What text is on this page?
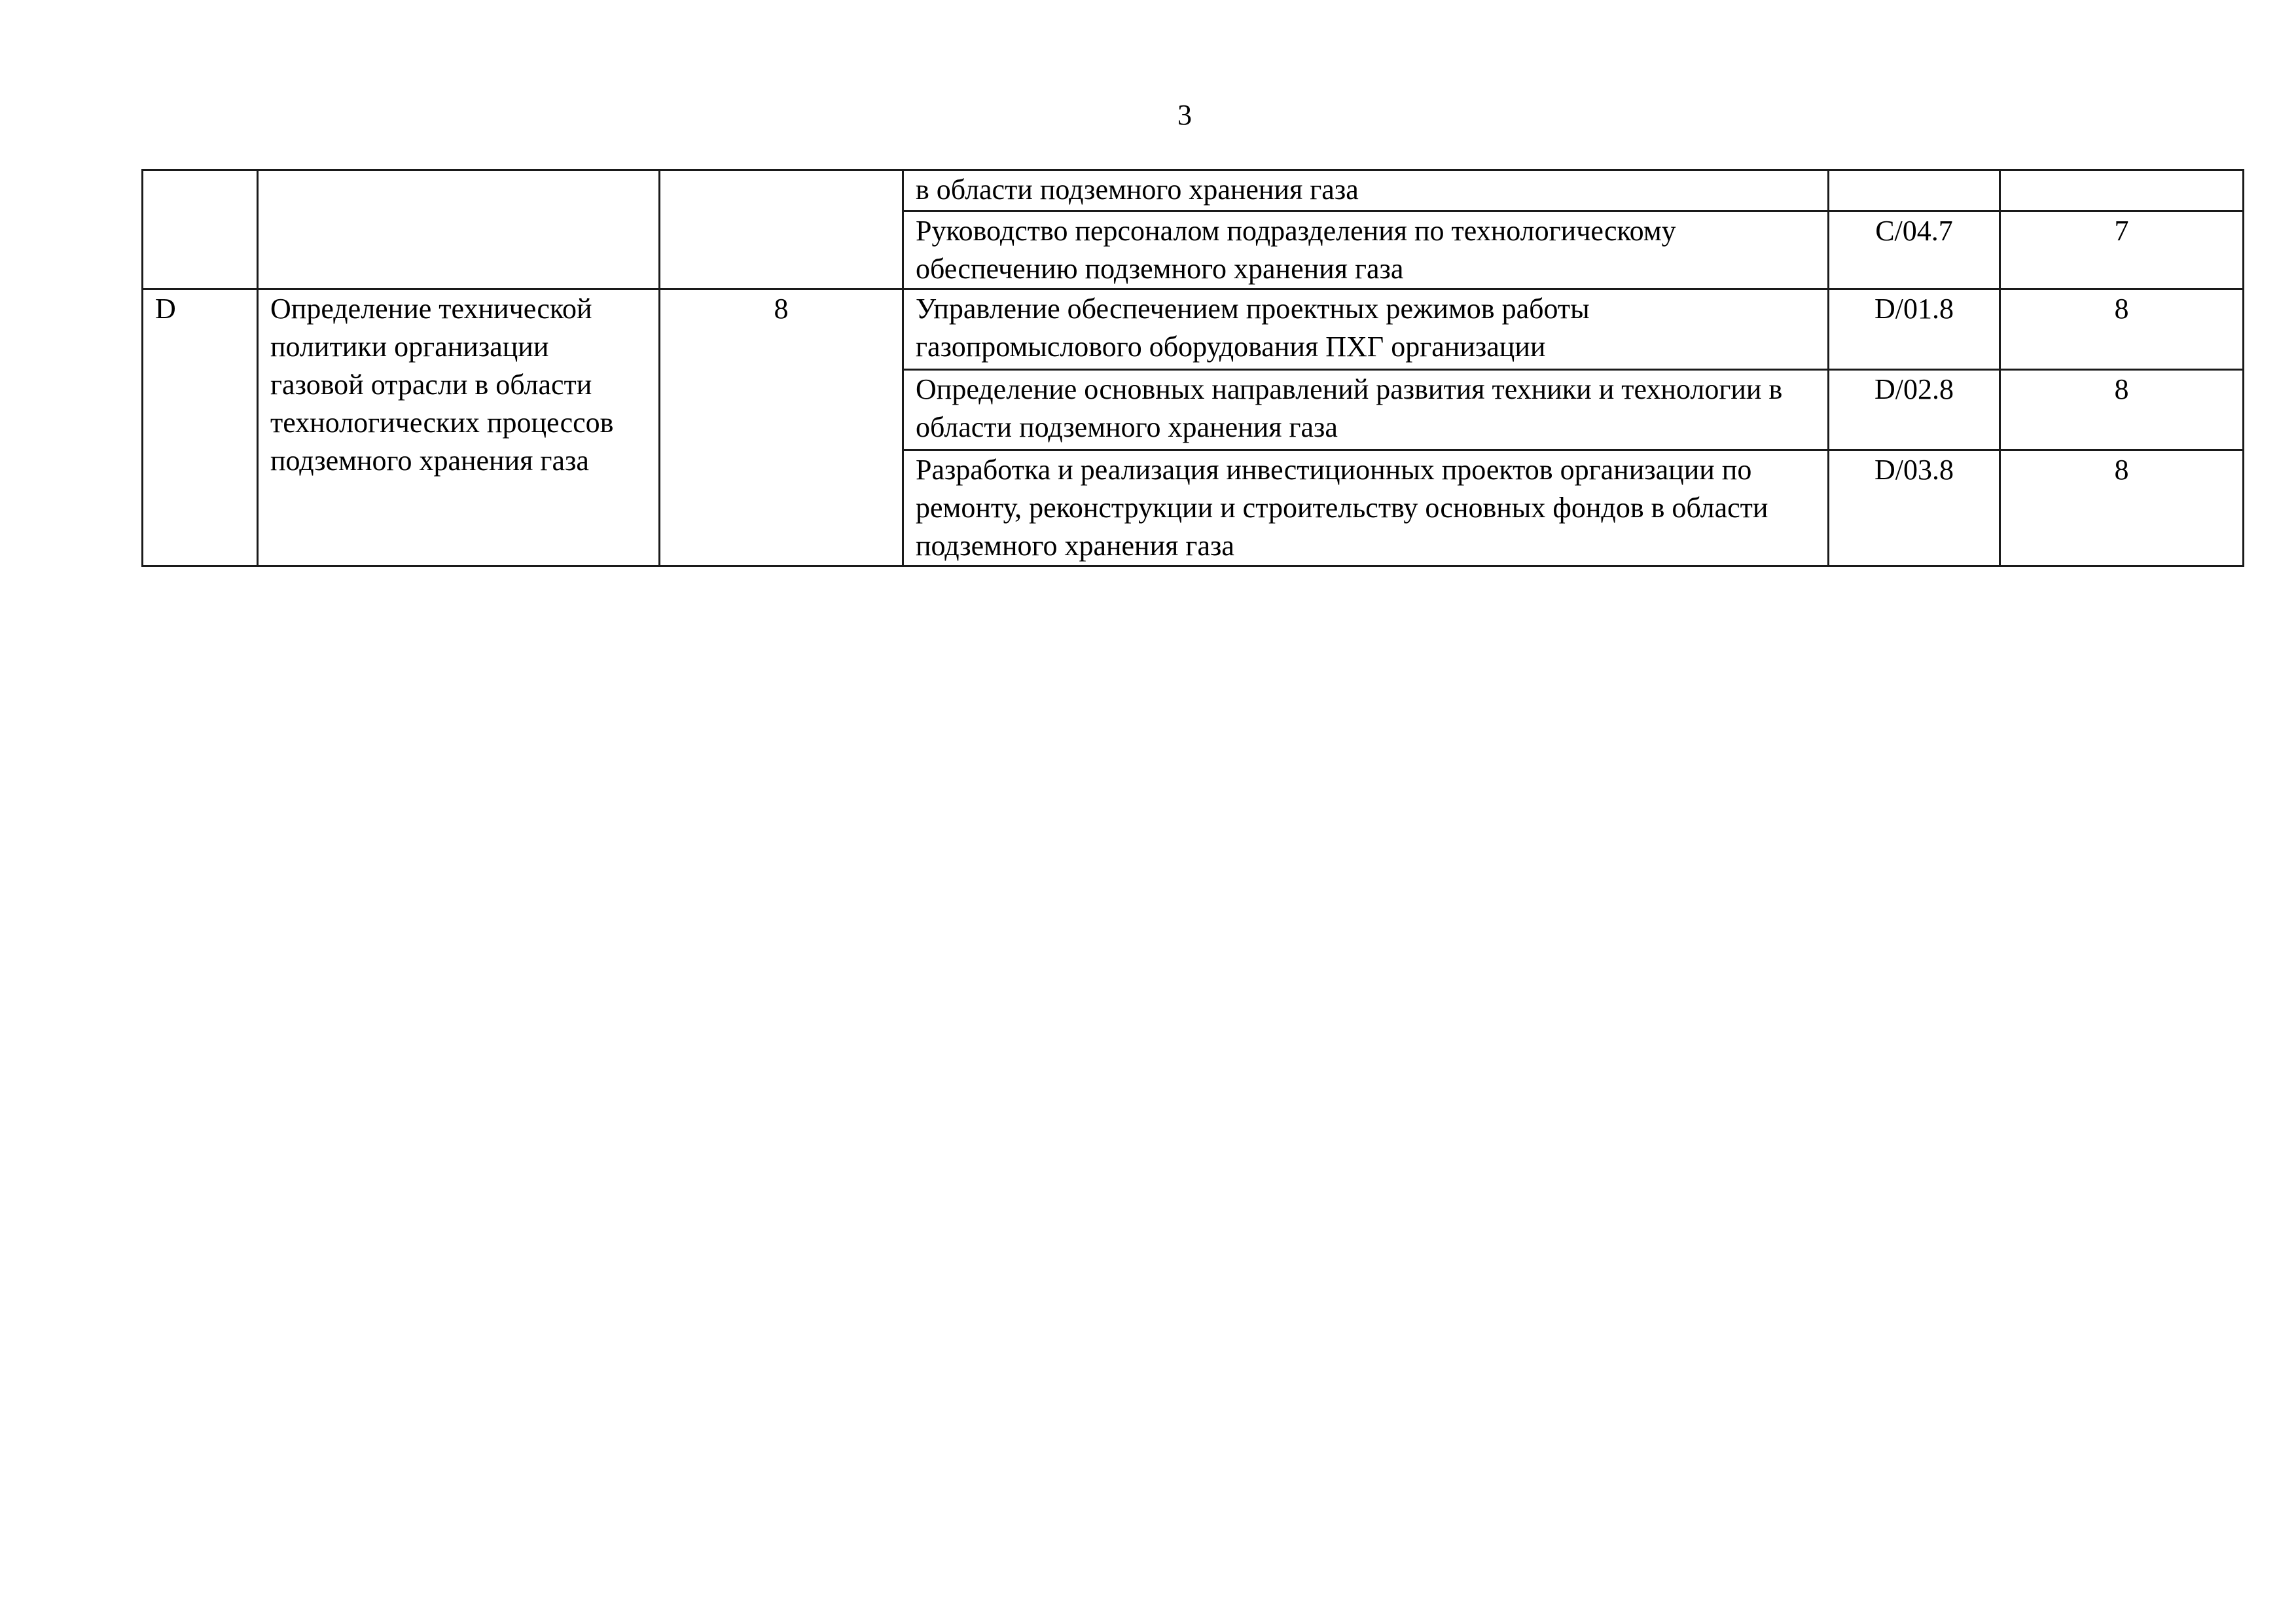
3
			в области подземного хранения газа		
			Руководство персоналом подразделения по технологическому обеспечению подземного хранения газа	C/04.7	7
D	Определение технической политики организации газовой отрасли в области технологических процессов подземного хранения газа	8	Управление обеспечением проектных режимов работы газопромыслового оборудования ПХГ организации	D/01.8	8
			Определение основных направлений развития техники и технологии в области подземного хранения газа	D/02.8	8
			Разработка и реализация инвестиционных проектов организации по ремонту, реконструкции и строительству основных фондов в области подземного хранения газа	D/03.8	8
